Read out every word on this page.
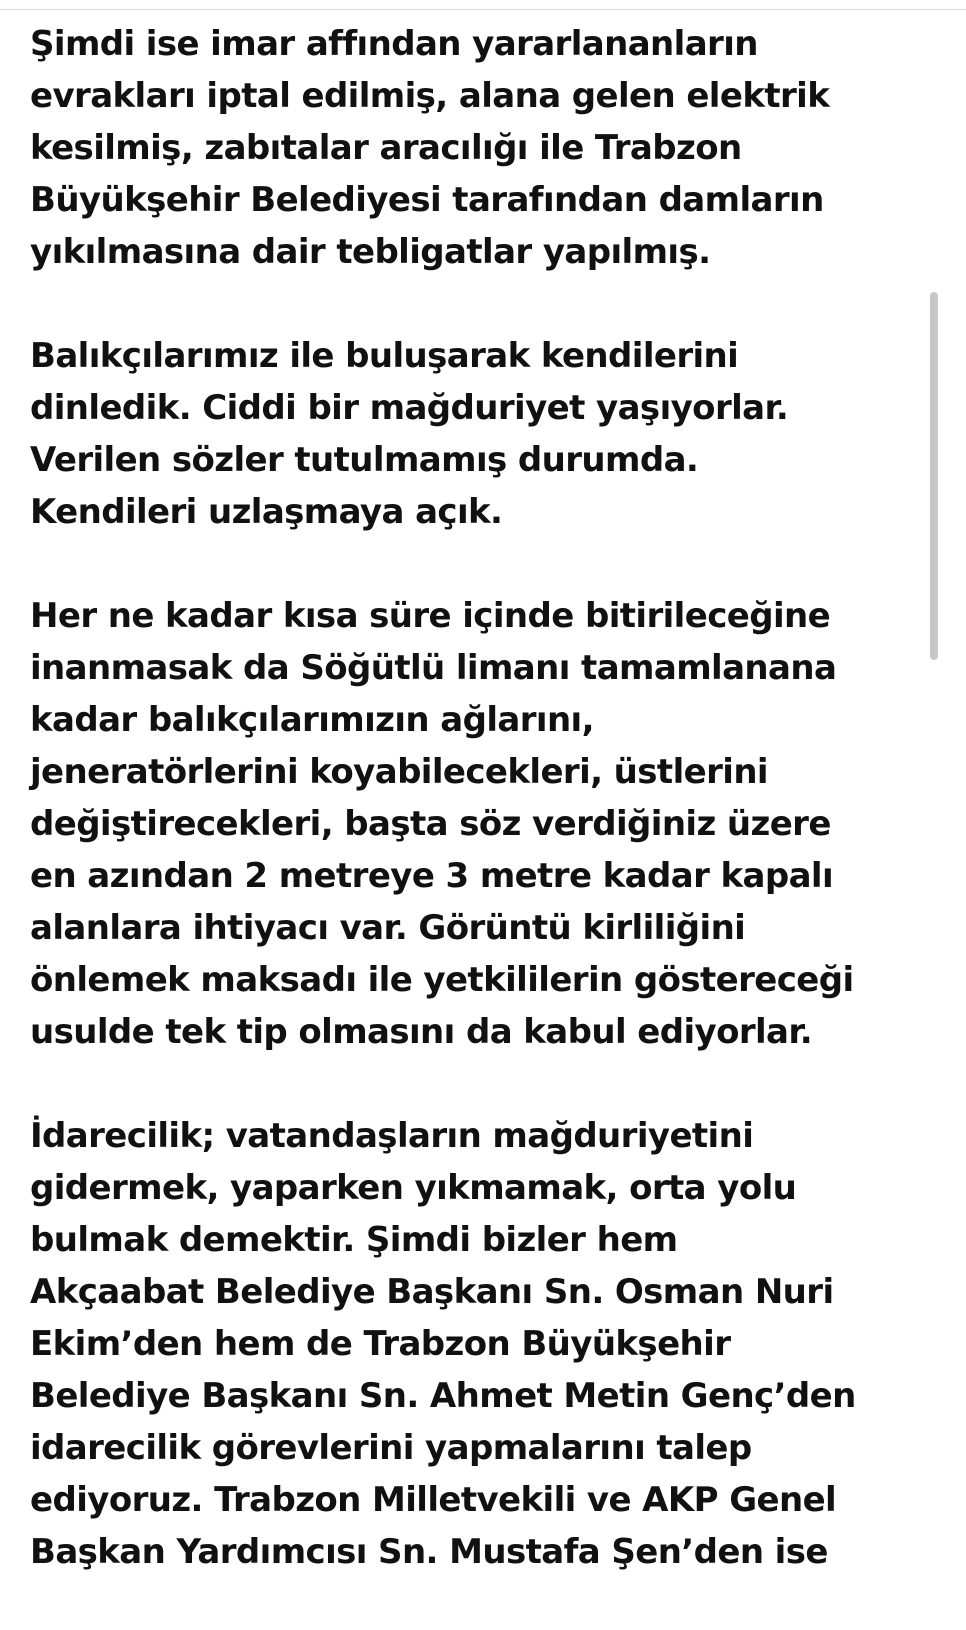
Şimdi ise imar affından yararlananların
evrakları iptal edilmiş, alana gelen elektrik
kesilmiş, zabıtalar aracılığı ile Trabzon
Büyükşehir Belediyesi tarafından damların
yıkılmasına dair tebligatlar yapılmış.

Balıkçılarımız ile buluşarak kendilerini
dinledik. Ciddi bir mağduriyet yaşıyorlar.
Verilen sözler tutulmamış durumda.
Kendileri uzlaşmaya açık.

Her ne kadar kısa süre içinde bitirileceğine
inanmasak da Söğütlü limanı tamamlanana
kadar balıkçılarımızın ağlarını,
jeneratörlerini koyabilecekleri, üstlerini
değiştirecekleri, başta söz verdiğiniz üzere
en azından 2 metreye 3 metre kadar kapalı
alanlara ihtiyacı var. Görüntü kirliliğini
önlemek maksadı ile yetkililerin göstereceği
usulde tek tip olmasını da kabul ediyorlar.

İdarecilik; vatandaşların mağduriyetini
gidermek, yaparken yıkmamak, orta yolu
bulmak demektir. Şimdi bizler hem
Akçaabat Belediye Başkanı Sn. Osman Nuri
Ekim’den hem de Trabzon Büyükşehir
Belediye Başkanı Sn. Ahmet Metin Genç’den
idarecilik görevlerini yapmalarını talep
ediyoruz. Trabzon Milletvekili ve AKP Genel
Başkan Yardımcısı Sn. Mustafa Şen’den ise
